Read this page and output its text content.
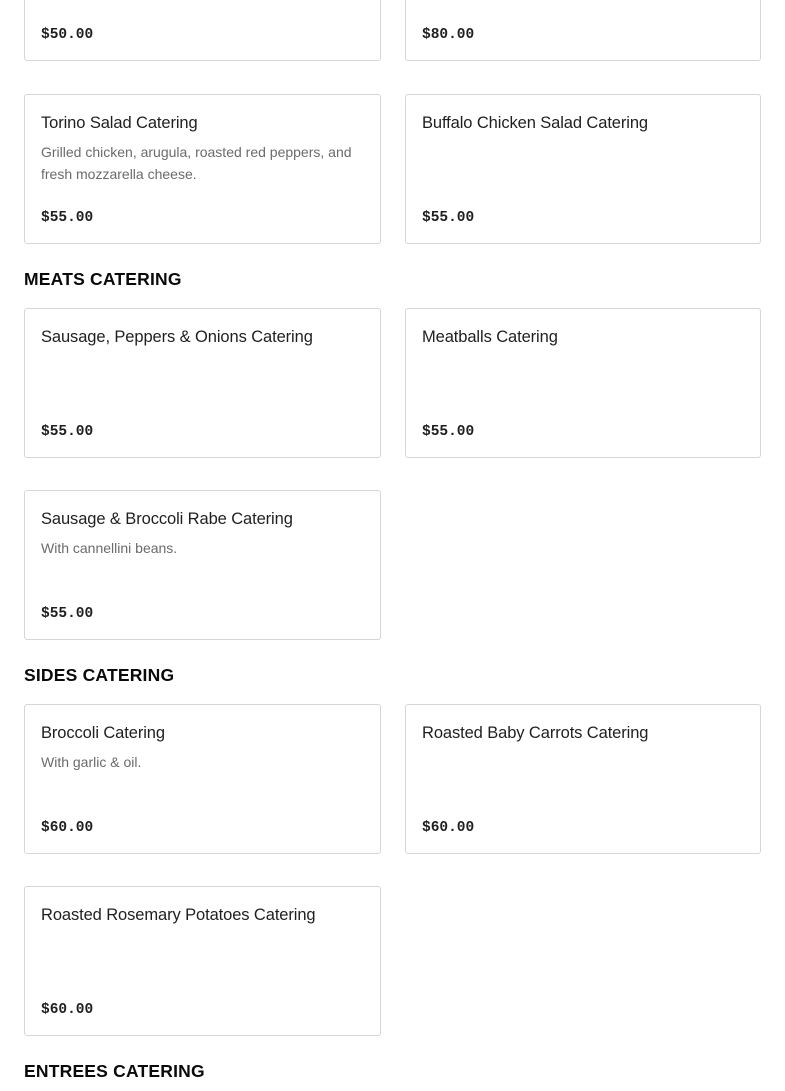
$50.00	$80.00
Torino Salad Catering
Grilled chicken, arugula, roasted red peppers, and fresh mozzarella cheese.
$55.00
Buffalo Chicken Salad Catering
$55.00
MEATS CATERING
Sausage, Peppers & Onions Catering
$55.00
Meatballs Catering
$55.00
Sausage & Broccoli Rabe Catering
With cannellini beans.
$55.00
SIDES CATERING
Broccoli Catering
With garlic & oil.
$60.00
Roasted Baby Carrots Catering
$60.00
Roasted Rosemary Potatoes Catering
$60.00
ENTREES CATERING
